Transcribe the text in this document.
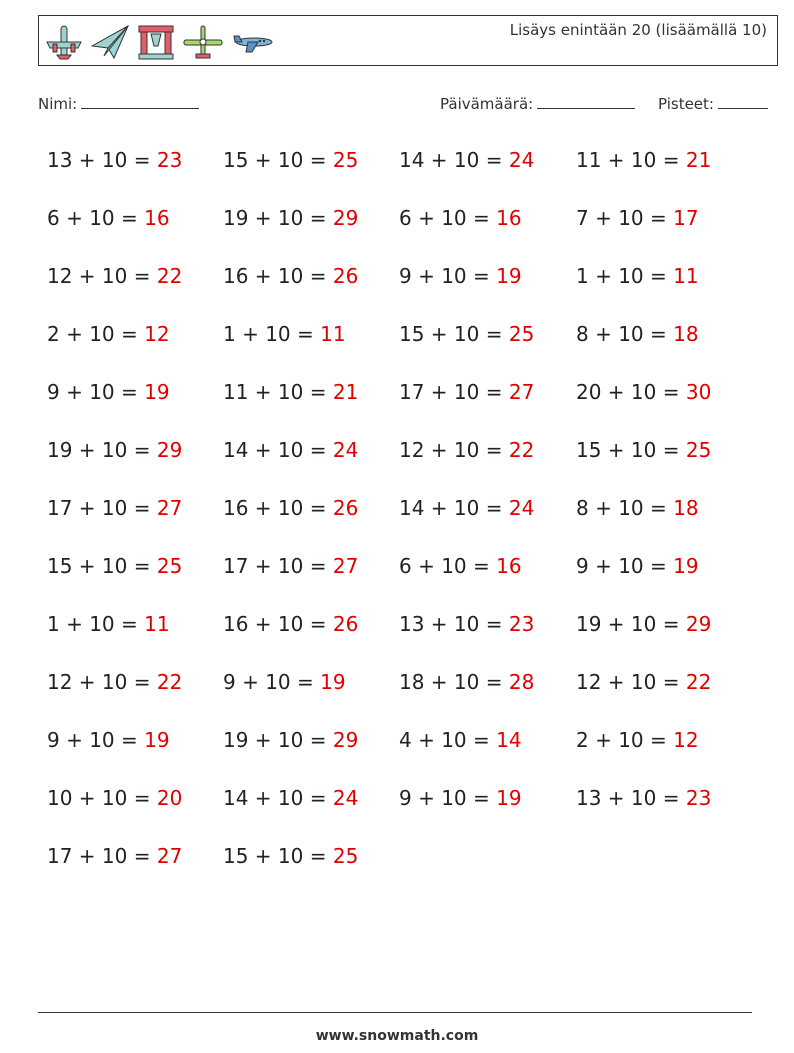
Lisäys enintään 20 (lisäämällä 10)
Nimi:	Päivämäärä:	Pisteet:
13 + 10 = 23 15 + 10 = 25 14 + 10 = 24 11 + 10 = 21
6 + 10 = 16	19 + 10 = 29 6 + 10 = 16	7 + 10 = 17
12 + 10 = 22 16 + 10 = 26 9 + 10 = 19	1 + 10 = 11
2 + 10 = 12	1 + 10 = 11	15 + 10 = 25 8 + 10 = 18
9 + 10 = 19	11 + 10 = 21 17 + 10 = 27 20 + 10 = 30
19 + 10 = 29 14 + 10 = 24 12 + 10 = 22 15 + 10 = 25
17 + 10 = 27 16 + 10 = 26 14 + 10 = 24 8 + 10 = 18
15 + 10 = 25 17 + 10 = 27 6 + 10 = 16	9 + 10 = 19
1 + 10 = 11	16 + 10 = 26 13 + 10 = 23 19 + 10 = 29
12 + 10 = 22 9 + 10 = 19	18 + 10 = 28 12 + 10 = 22
9 + 10 = 19	19 + 10 = 29 4 + 10 = 14	2 + 10 = 12
10 + 10 = 20 14 + 10 = 24 9 + 10 = 19	13 + 10 = 23
17 + 10 = 27 15 + 10 = 25
www.snowmath.com
